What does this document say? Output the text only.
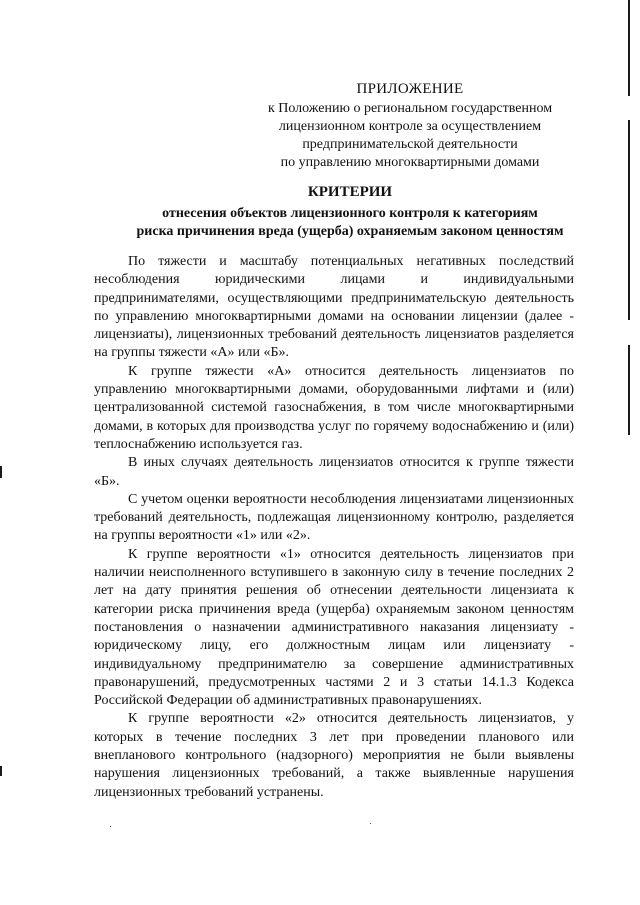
ПРИЛОЖЕНИЕ
к Положению о региональном государственном
лицензионном контроле за осуществлением
предпринимательской деятельности
по управлению многоквартирными домами
КРИТЕРИИ
отнесения объектов лицензионного контроля к категориям
риска причинения вреда (ущерба) охраняемым законом ценностям

По тяжести и масштабу потенциальных негативных последствий несоблюдения юридическими лицами и индивидуальными предпринимателями, осуществляющими предпринимательскую деятельность по управлению многоквартирными домами на основании лицензии (далее - лицензиаты), лицензионных требований деятельность лицензиатов разделяется на группы тяжести «А» или «Б».

К группе тяжести «А» относится деятельность лицензиатов по управлению многоквартирными домами, оборудованными лифтами и (или) централизованной системой газоснабжения, в том числе многоквартирными домами, в которых для производства услуг по горячему водоснабжению и (или) теплоснабжению используется газ.

В иных случаях деятельность лицензиатов относится к группе тяжести «Б».

С учетом оценки вероятности несоблюдения лицензиатами лицензионных требований деятельность, подлежащая лицензионному контролю, разделяется на группы вероятности «1» или «2».

К группе вероятности «1» относится деятельность лицензиатов при наличии неисполненного вступившего в законную силу в течение последних 2 лет на дату принятия решения об отнесении деятельности лицензиата к категории риска причинения вреда (ущерба) охраняемым законом ценностям постановления о назначении административного наказания лицензиату - юридическому лицу, его должностным лицам или лицензиату - индивидуальному предпринимателю за совершение административных правонарушений, предусмотренных частями 2 и 3 статьи 14.1.3 Кодекса Российской Федерации об административных правонарушениях.

К группе вероятности «2» относится деятельность лицензиатов, у которых в течение последних 3 лет при проведении планового или внепланового контрольного (надзорного) мероприятия не были выявлены нарушения лицензионных требований, а также выявленные нарушения лицензионных требований устранены.
